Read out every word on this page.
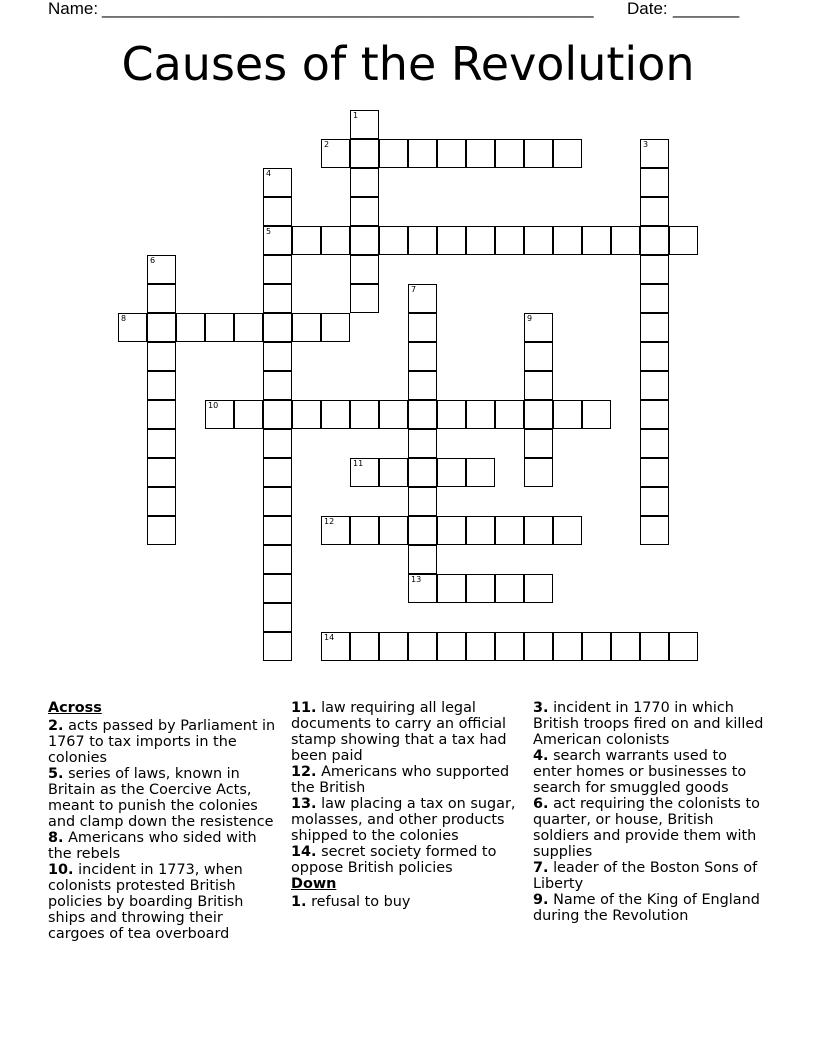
Name: ____________________________________________________ Date: _______
Causes of the Revolution
2
5
8
10
11
12
13
14
1
3
4
6
7
9
Across
2. acts passed by Parliament in 1767 to tax imports in the colonies
5. series of laws, known in Britain as the Coercive Acts, meant to punish the colonies and clamp down the resistence
8. Americans who sided with the rebels
10. incident in 1773, when colonists protested British policies by boarding British ships and throwing their cargoes of tea overboard
11. law requiring all legal documents to carry an official stamp showing that a tax had been paid
12. Americans who supported the British
13. law placing a tax on sugar, molasses, and other products shipped to the colonies
14. secret society formed to oppose British policies
Down
1. refusal to buy
3. incident in 1770 in which British troops fired on and killed American colonists
4. search warrants used to enter homes or businesses to search for smuggled goods
6. act requiring the colonists to quarter, or house, British soldiers and provide them with supplies
7. leader of the Boston Sons of Liberty
9. Name of the King of England during the Revolution
